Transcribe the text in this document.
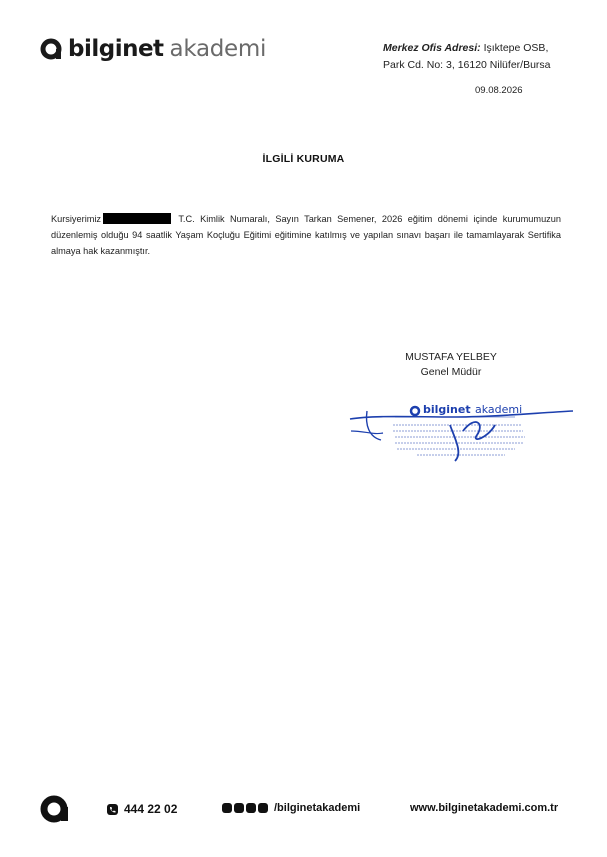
bilginet akademi	Merkez Ofis Adresi: Işıktepe OSB,
Park Cd. No: 3, 16120 Nilüfer/Bursa
09.08.2026
İLGİLİ KURUMA
Kursiyerimiz	T.C. Kimlik Numaralı, Sayın Tarkan Semener, 2026 eğitim dönemi içinde kurumumuzun düzenlemiş olduğu 94 saatlik Yaşam Koçluğu Eğitimi eğitimine katılmış ve yapılan sınavı başarı ile tamamlayarak Sertifika almaya hak kazanmıştır.
MUSTAFA YELBEY
Genel Müdür
bilginet akademi
444 22 02	/bilginetakademi	www.bilginetakademi.com.tr
